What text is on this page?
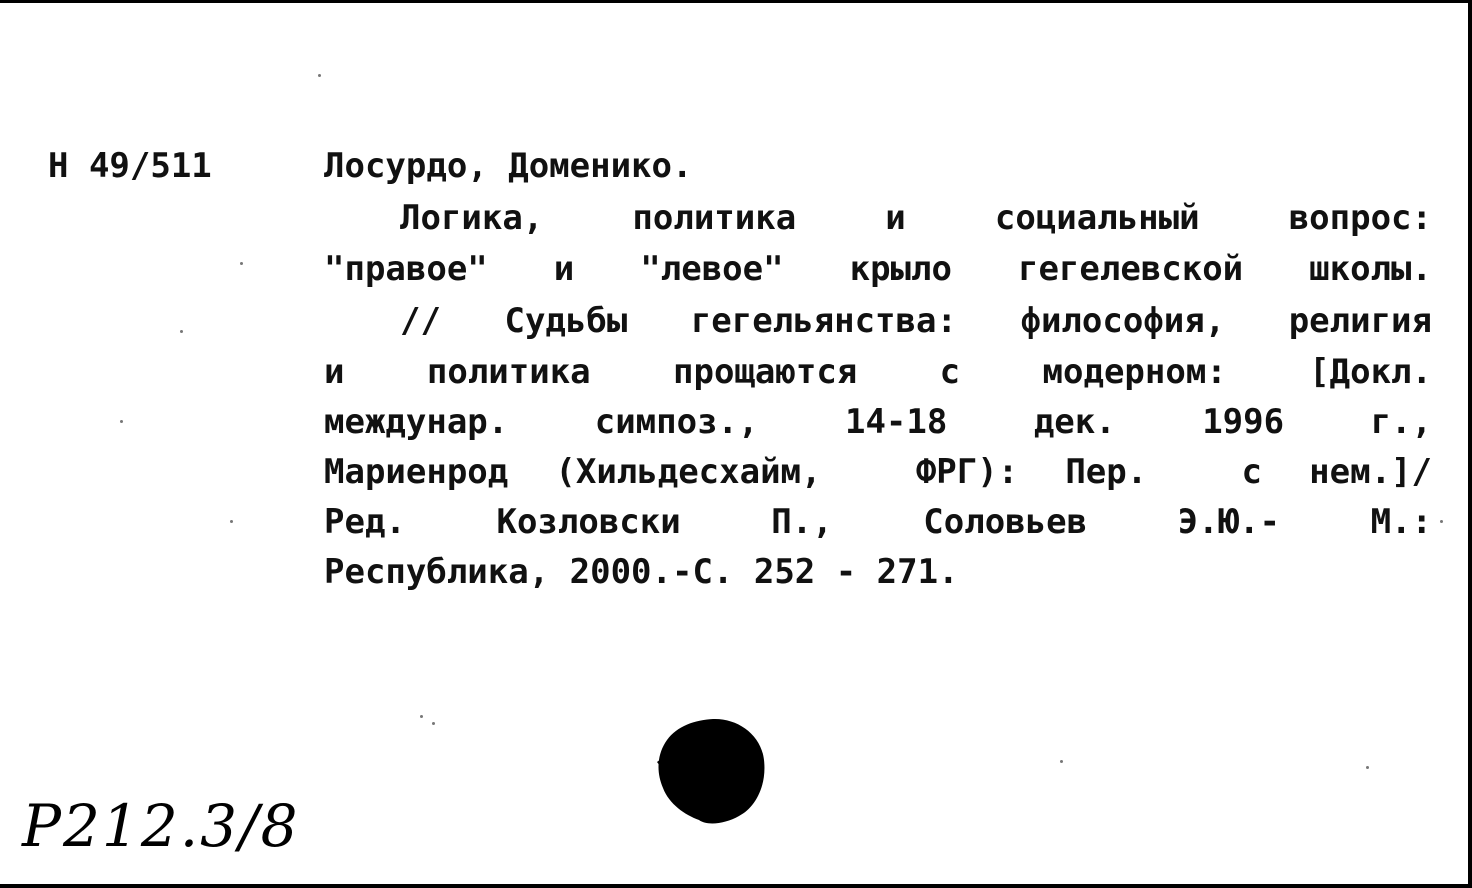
Н 49/511	Лосурдо, Доменико.
Логика,  политика  и  социальный  вопрос:
"правое" и "левое" крыло гегелевской школы.
// Судьбы гегельянства: философия, религия
и  политика  прощаются  с  модерном:  [Докл.
междунар.  симпоз.,  14-18  дек.  1996  г.,
Мариенрод (Хильдесхайм,  ФРГ): Пер.  с нем.]/
Ред.  Козловски  П.,  Соловьев  Э.Ю.-  М.:
Республика, 2000.-С. 252 - 271.
Р212.3/8
